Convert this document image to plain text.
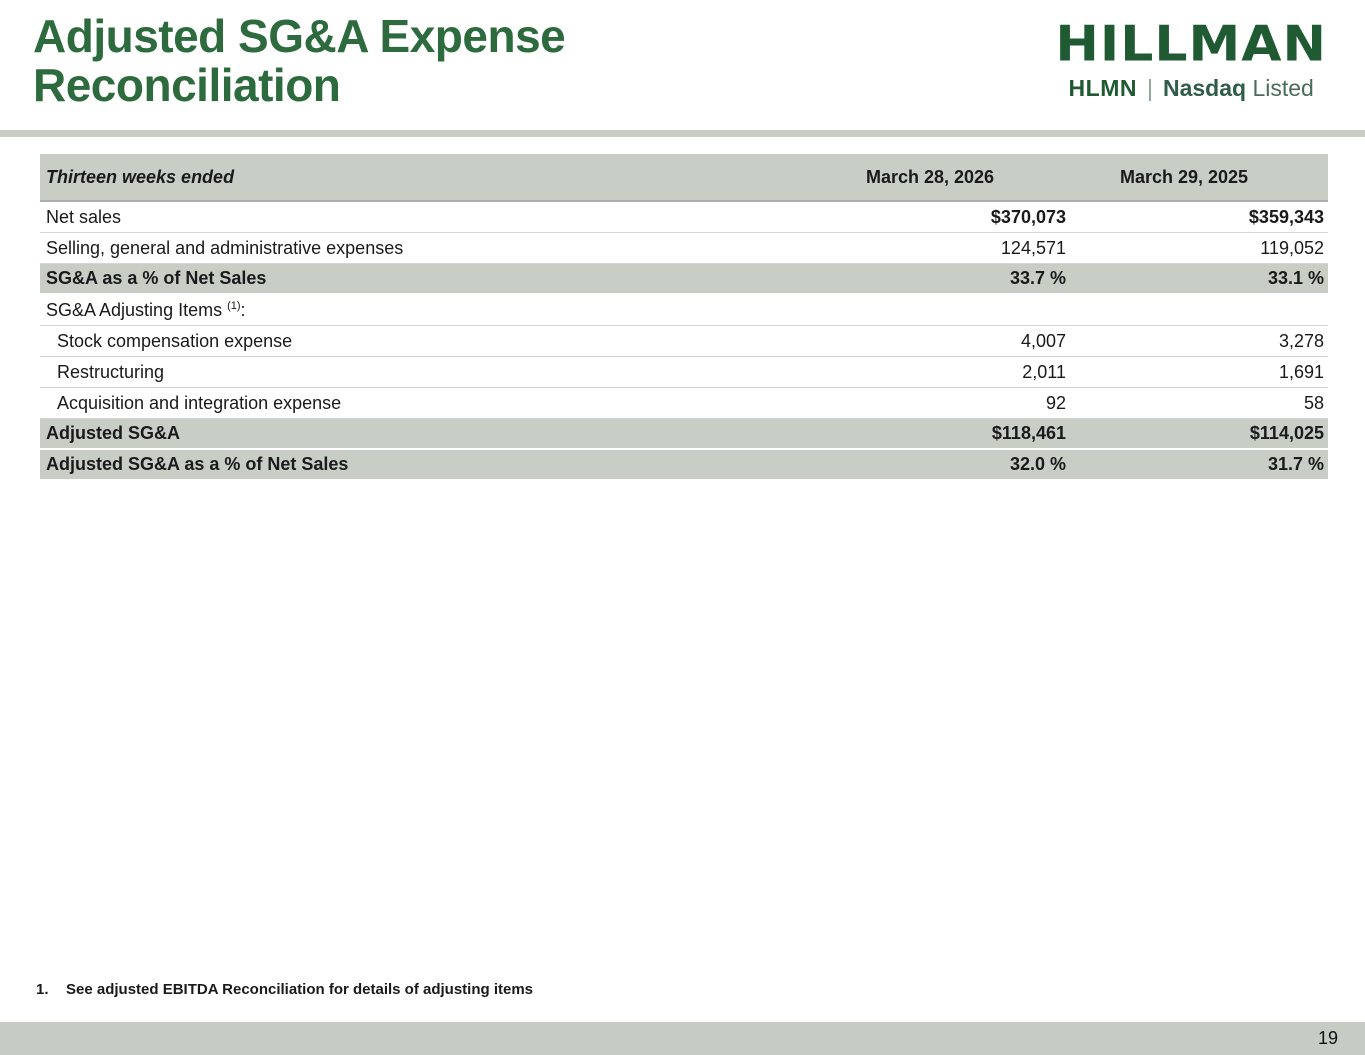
Adjusted SG&A Expense
Reconciliation
HILLMAN
HLMN | Nasdaq Listed
Thirteen weeks ended	March 28, 2026	March 29, 2025
Net sales	$370,073	$359,343
Selling, general and administrative expenses	124,571	119,052
SG&A as a % of Net Sales	33.7 %	33.1 %
SG&A Adjusting Items $^{(1)}$:
Stock compensation expense	4,007	3,278
Restructuring	2,011	1,691
Acquisition and integration expense	92	58
Adjusted SG&A	$118,461	$114,025
Adjusted SG&A as a % of Net Sales	32.0 %	31.7 %
1.	See adjusted EBITDA Reconciliation for details of adjusting items
19
